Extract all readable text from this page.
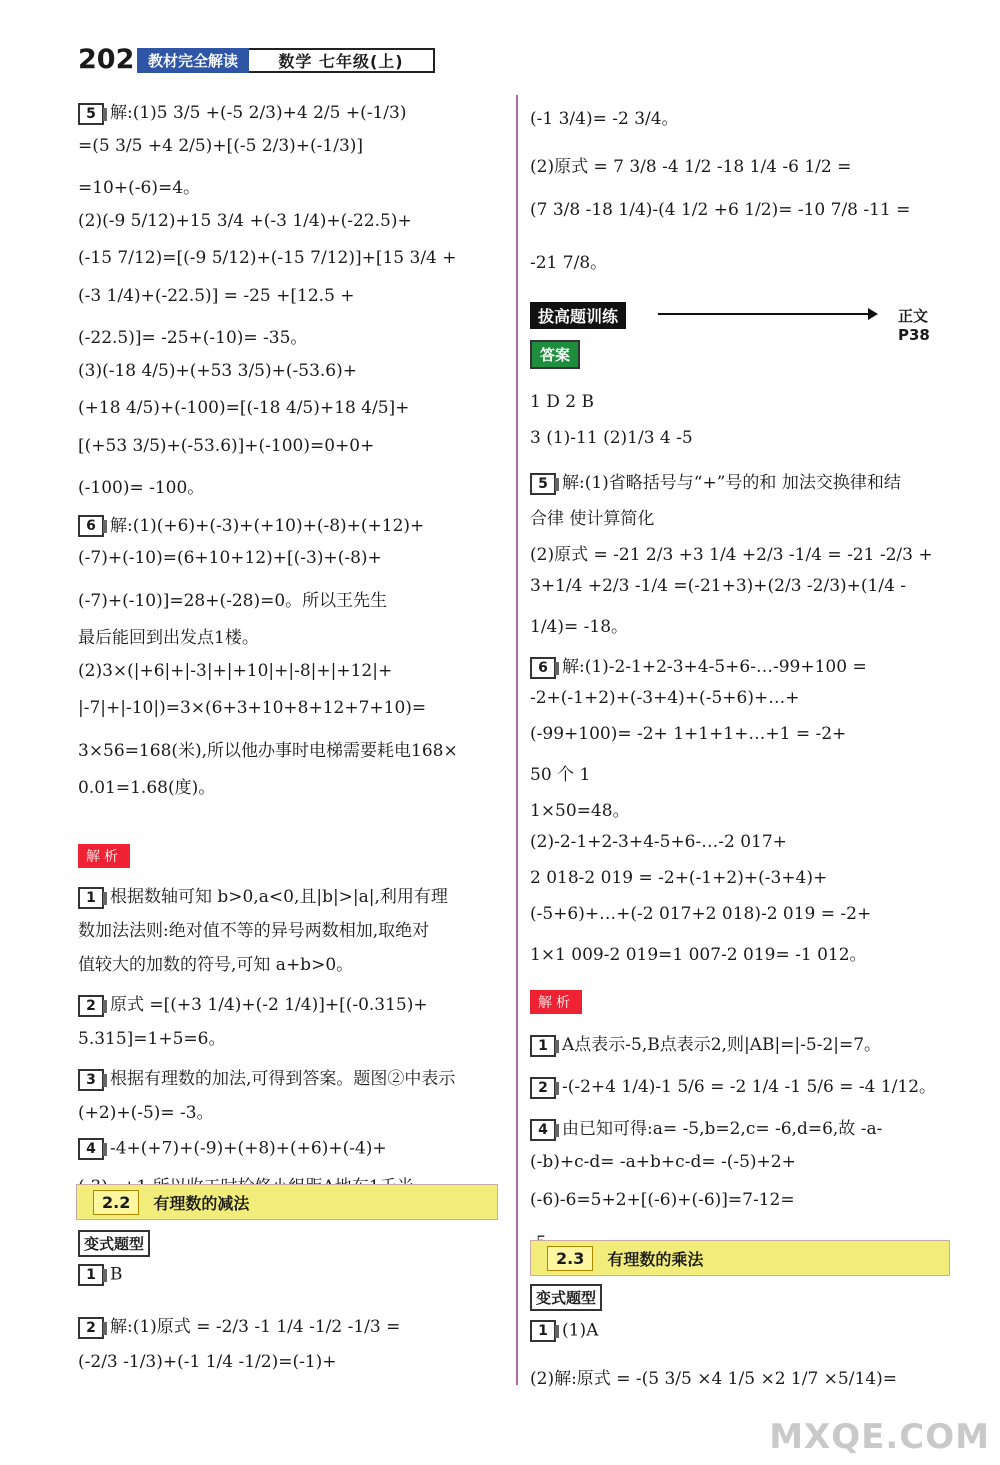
202 教材完全解读	数学 七年级(上)
5 解:(1)5 3/5 +(-5 2/3)+4 2/5 +(-1/3)
=(5 3/5 +4 2/5)+[(-5 2/3)+(-1/3)]
=10+(-6)=4。
(2)(-9 5/12)+15 3/4 +(-3 1/4)+(-22.5)+
(-15 7/12)=[(-9 5/12)+(-15 7/12)]+[15 3/4 +
(-3 1/4)+(-22.5)] = -25 +[12.5 +
(-22.5)]= -25+(-10)= -35。
(3)(-18 4/5)+(+53 3/5)+(-53.6)+
(+18 4/5)+(-100)=[(-18 4/5)+18 4/5]+
[(+53 3/5)+(-53.6)]+(-100)=0+0+
(-100)= -100。
6 解:(1)(+6)+(-3)+(+10)+(-8)+(+12)+
(-7)+(-10)=(6+10+12)+[(-3)+(-8)+
(-7)+(-10)]=28+(-28)=0。所以王先生
最后能回到出发点1楼。
(2)3×(|+6|+|-3|+|+10|+|-8|+|+12|+
|-7|+|-10|)=3×(6+3+10+8+12+7+10)=
3×56=168(米),所以他办事时电梯需要耗电168×
0.01=1.68(度)。
解析
1 根据数轴可知 b>0,a<0,且|b|>|a|,利用有理
数加法法则:绝对值不等的异号两数相加,取绝对
值较大的加数的符号,可知 a+b>0。
2 原式 =[(+3 1/4)+(-2 1/4)]+[(-0.315)+
5.315]=1+5=6。
3 根据有理数的加法,可得到答案。题图②中表示
(+2)+(-5)= -3。
4 -4+(+7)+(-9)+(+8)+(+6)+(-4)+
2.2	有理数的减法
变式题型
1 B
2 解:(1)原式 = -2/3 -1 1/4 -1/2 -1/3 =
(-2/3 -1/3)+(-1 1/4 -1/2)=(-1)+
(-1 3/4)= -2 3/4。
(2)原式 = 7 3/8 -4 1/2 -18 1/4 -6 1/2 =
(7 3/8 -18 1/4)-(4 1/2 +6 1/2)= -10 7/8 -11 =
-21 7/8。
拔高题训练	正文 P38
答案
1 D 2 B
3 (1)-11 (2)1/3 4 -5
5 解:(1)省略括号与“+”号的和 加法交换律和结
合律 使计算简化
(2)原式 = -21 2/3 +3 1/4 +2/3 -1/4 = -21 -2/3 +
3+1/4 +2/3 -1/4 =(-21+3)+(2/3 -2/3)+(1/4 -
1/4)= -18。
6 解:(1)-2-1+2-3+4-5+6-…-99+100 =
-2+(-1+2)+(-3+4)+(-5+6)+…+
(-99+100)= -2+ 1+1+1+…+1 = -2+
50 个 1
1×50=48。
(2)-2-1+2-3+4-5+6-…-2 017+
2 018-2 019 = -2+(-1+2)+(-3+4)+
(-5+6)+…+(-2 017+2 018)-2 019 = -2+
1×1 009-2 019=1 007-2 019= -1 012。
解析
1 A点表示-5,B点表示2,则|AB|=|-5-2|=7。
2 -(-2+4 1/4)-1 5/6 = -2 1/4 -1 5/6 = -4 1/12。
4 由已知可得:a= -5,b=2,c= -6,d=6,故 -a-
(-b)+c-d= -a+b+c-d= -(-5)+2+
(-6)-6=5+2+[(-6)+(-6)]=7-12=
2.3	有理数的乘法
变式题型
1 (1)A
(2)解:原式 = -(5 3/5 ×4 1/5 ×2 1/7 ×5/14)=
MXQE.COM
